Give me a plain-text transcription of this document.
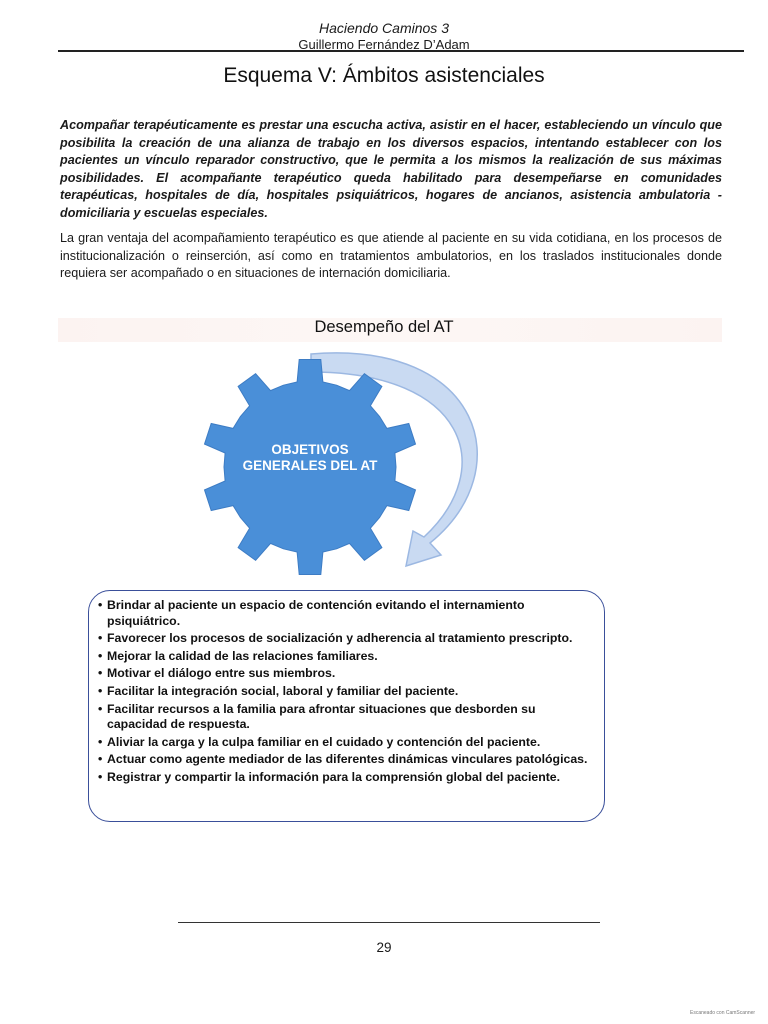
Haciendo Caminos 3
Guillermo Fernández D’Adam
Esquema V: Ámbitos asistenciales

Acompañar terapéuticamente es prestar una escucha activa, asistir en el hacer, estableciendo un vínculo que posibilita la creación de una alianza de trabajo en los diversos espacios, intentando establecer con los pacientes un vínculo reparador constructivo, que le permita a los mismos la realización de sus máximas posibilidades. El acompañante terapéutico queda habilitado para desempeñarse en comunidades terapéuticas, hospitales de día, hospitales psiquiátricos, hogares de ancianos, asistencia ambulatoria - domiciliaria y escuelas especiales.

La gran ventaja del acompañamiento terapéutico es que atiende al paciente en su vida cotidiana, en los procesos de institucionalización o reinserción, así como en tratamientos ambulatorios, en los traslados institucionales donde requiera ser acompañado o en situaciones de internación domiciliaria.

Desempeño del AT
OBJETIVOS GENERALES DEL AT
• Brindar al paciente un espacio de contención evitando el internamiento psiquiátrico.
• Favorecer los procesos de socialización y adherencia al tratamiento prescripto.
• Mejorar la calidad de las relaciones familiares.
• Motivar el diálogo entre sus miembros.
• Facilitar la integración social, laboral y familiar del paciente.
• Facilitar recursos a la familia para afrontar situaciones que desborden su capacidad de respuesta.
• Aliviar la carga y la culpa familiar en el cuidado y contención del paciente.
• Actuar como agente mediador de las diferentes dinámicas vinculares patológicas.
• Registrar y compartir la información para la comprensión global del paciente.
29
Escaneado con CamScanner
